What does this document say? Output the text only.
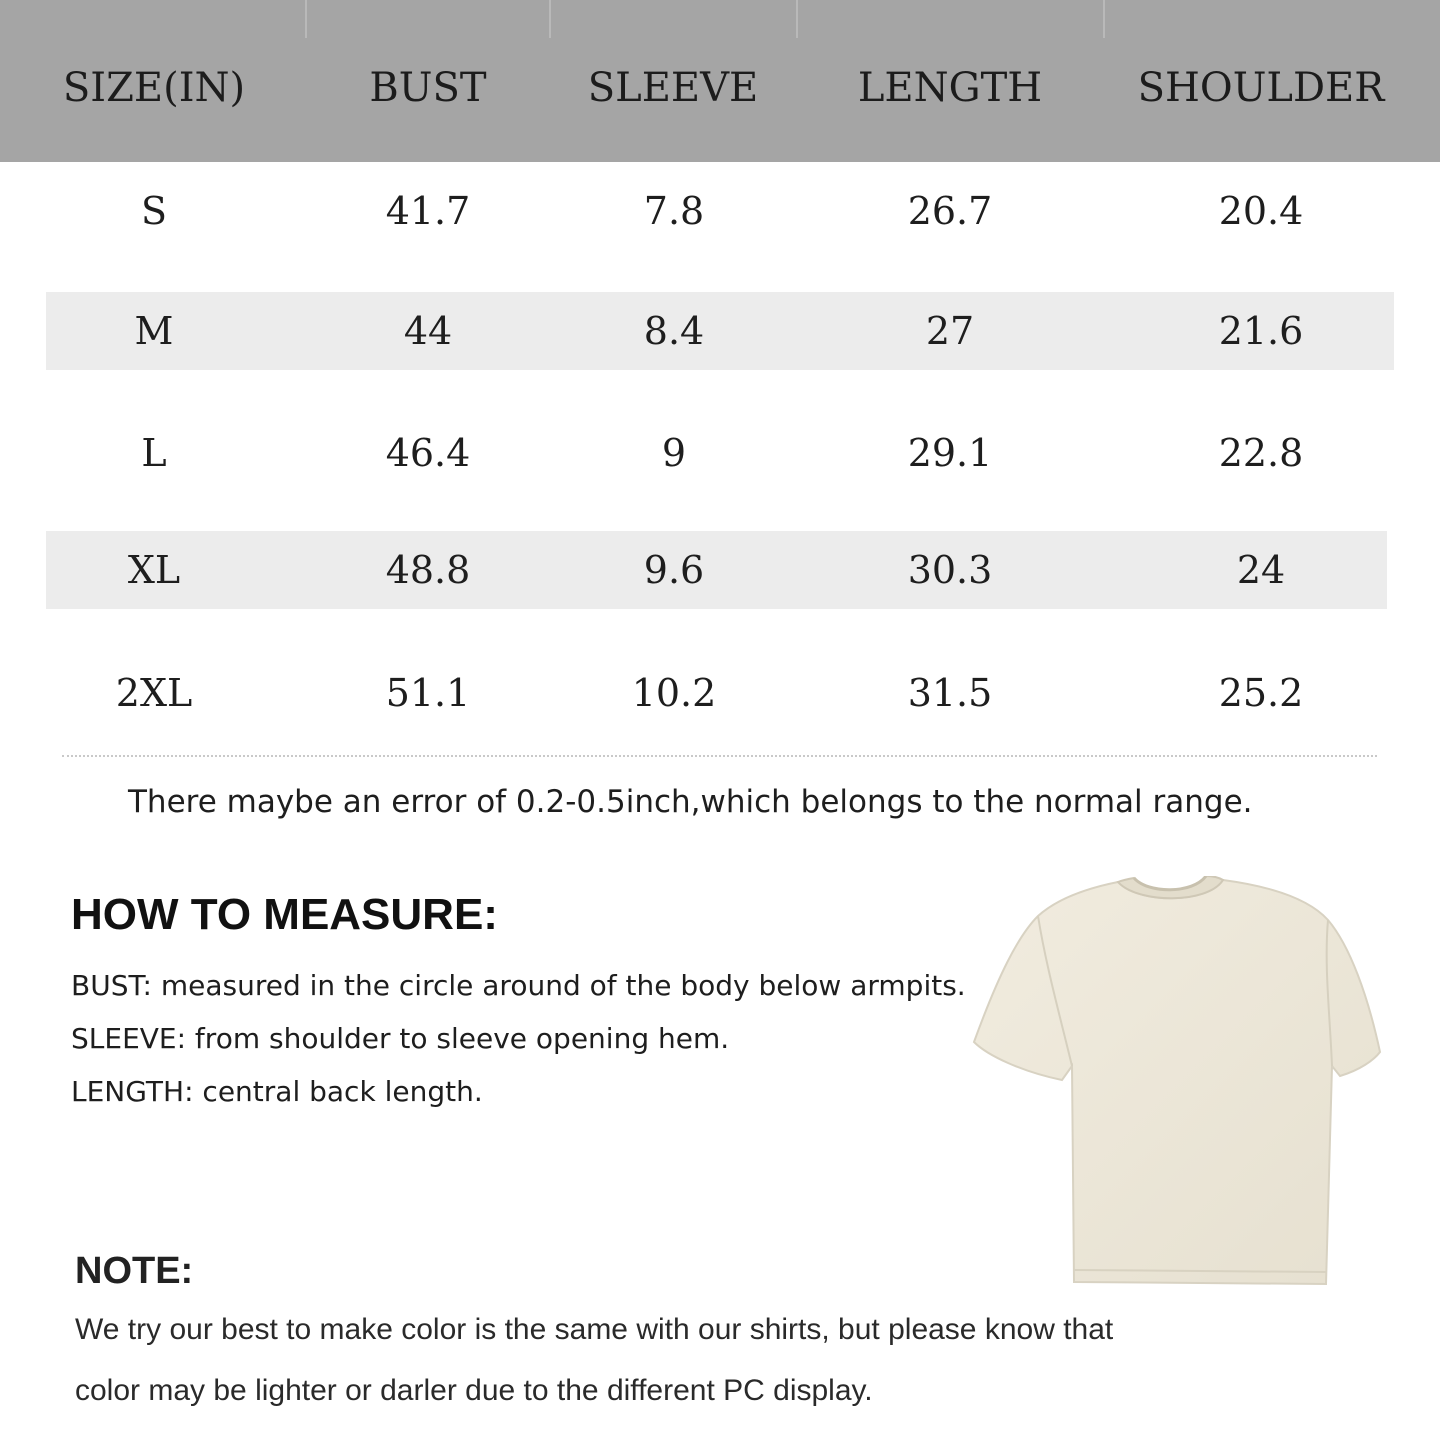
SIZE(IN)	BUST	SLEEVE	LENGTH	SHOULDER
S	41.7	7.8	26.7	20.4
M	44	8.4	27	21.6
L	46.4	9	29.1	22.8
XL	48.8	9.6	30.3	24
2XL	51.1	10.2	31.5	25.2
There maybe an error of 0.2-0.5inch,which belongs to the normal range.
HOW TO MEASURE:
BUST: measured in the circle around of the body below armpits.
SLEEVE: from shoulder to sleeve opening hem.
LENGTH: central back length.
NOTE:
We try our best to make color is the same with our shirts, but please know that
color may be lighter or darler due to the different PC display.
